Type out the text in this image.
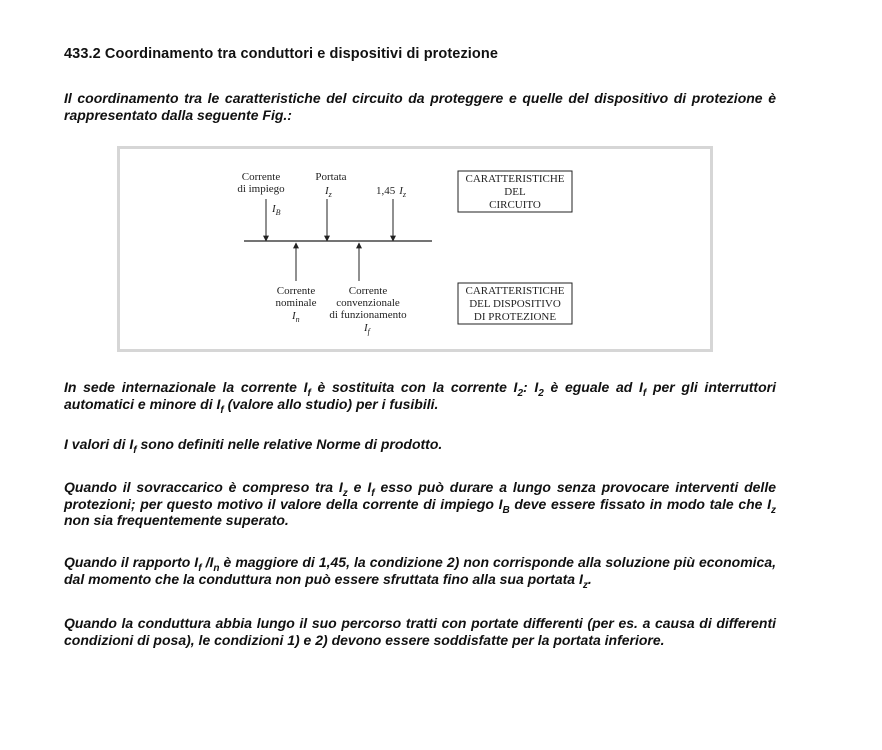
433.2 Coordinamento tra conduttori e dispositivi di protezione

Il coordinamento tra le caratteristiche del circuito da proteggere e quelle del dispositivo di protezione è rappresentato dalla seguente Fig.:

Corrente
di impiego
$I_B$
Portata
$I_z$	1,45 $I_z$
Corrente
nominale
$I_n$
Corrente
convenzionale
di funzionamento
$I_f$
CARATTERISTICHE
DEL
CIRCUITO
CARATTERISTICHE
DEL DISPOSITIVO
DI PROTEZIONE

In sede internazionale la corrente $I_f$ è sostituita con la corrente $I_2$: $I_2$ è eguale ad $I_f$ per gli interruttori automatici e minore di $I_f$ (valore allo studio) per i fusibili.

I valori di $I_f$ sono definiti nelle relative Norme di prodotto.

Quando il sovraccarico è compreso tra $I_z$ e $I_f$ esso può durare a lungo senza provocare interventi delle protezioni; per questo motivo il valore della corrente di impiego $I_B$ deve essere fissato in modo tale che $I_z$ non sia frequentemente superato.

Quando il rapporto $I_f$ $/I_n$ è maggiore di 1,45, la condizione 2) non corrisponde alla soluzione più economica, dal momento che la conduttura non può essere sfruttata fino alla sua portata $I_z$.

Quando la conduttura abbia lungo il suo percorso tratti con portate differenti (per es. a causa di differenti condizioni di posa), le condizioni 1) e 2) devono essere soddisfatte per la portata inferiore.
